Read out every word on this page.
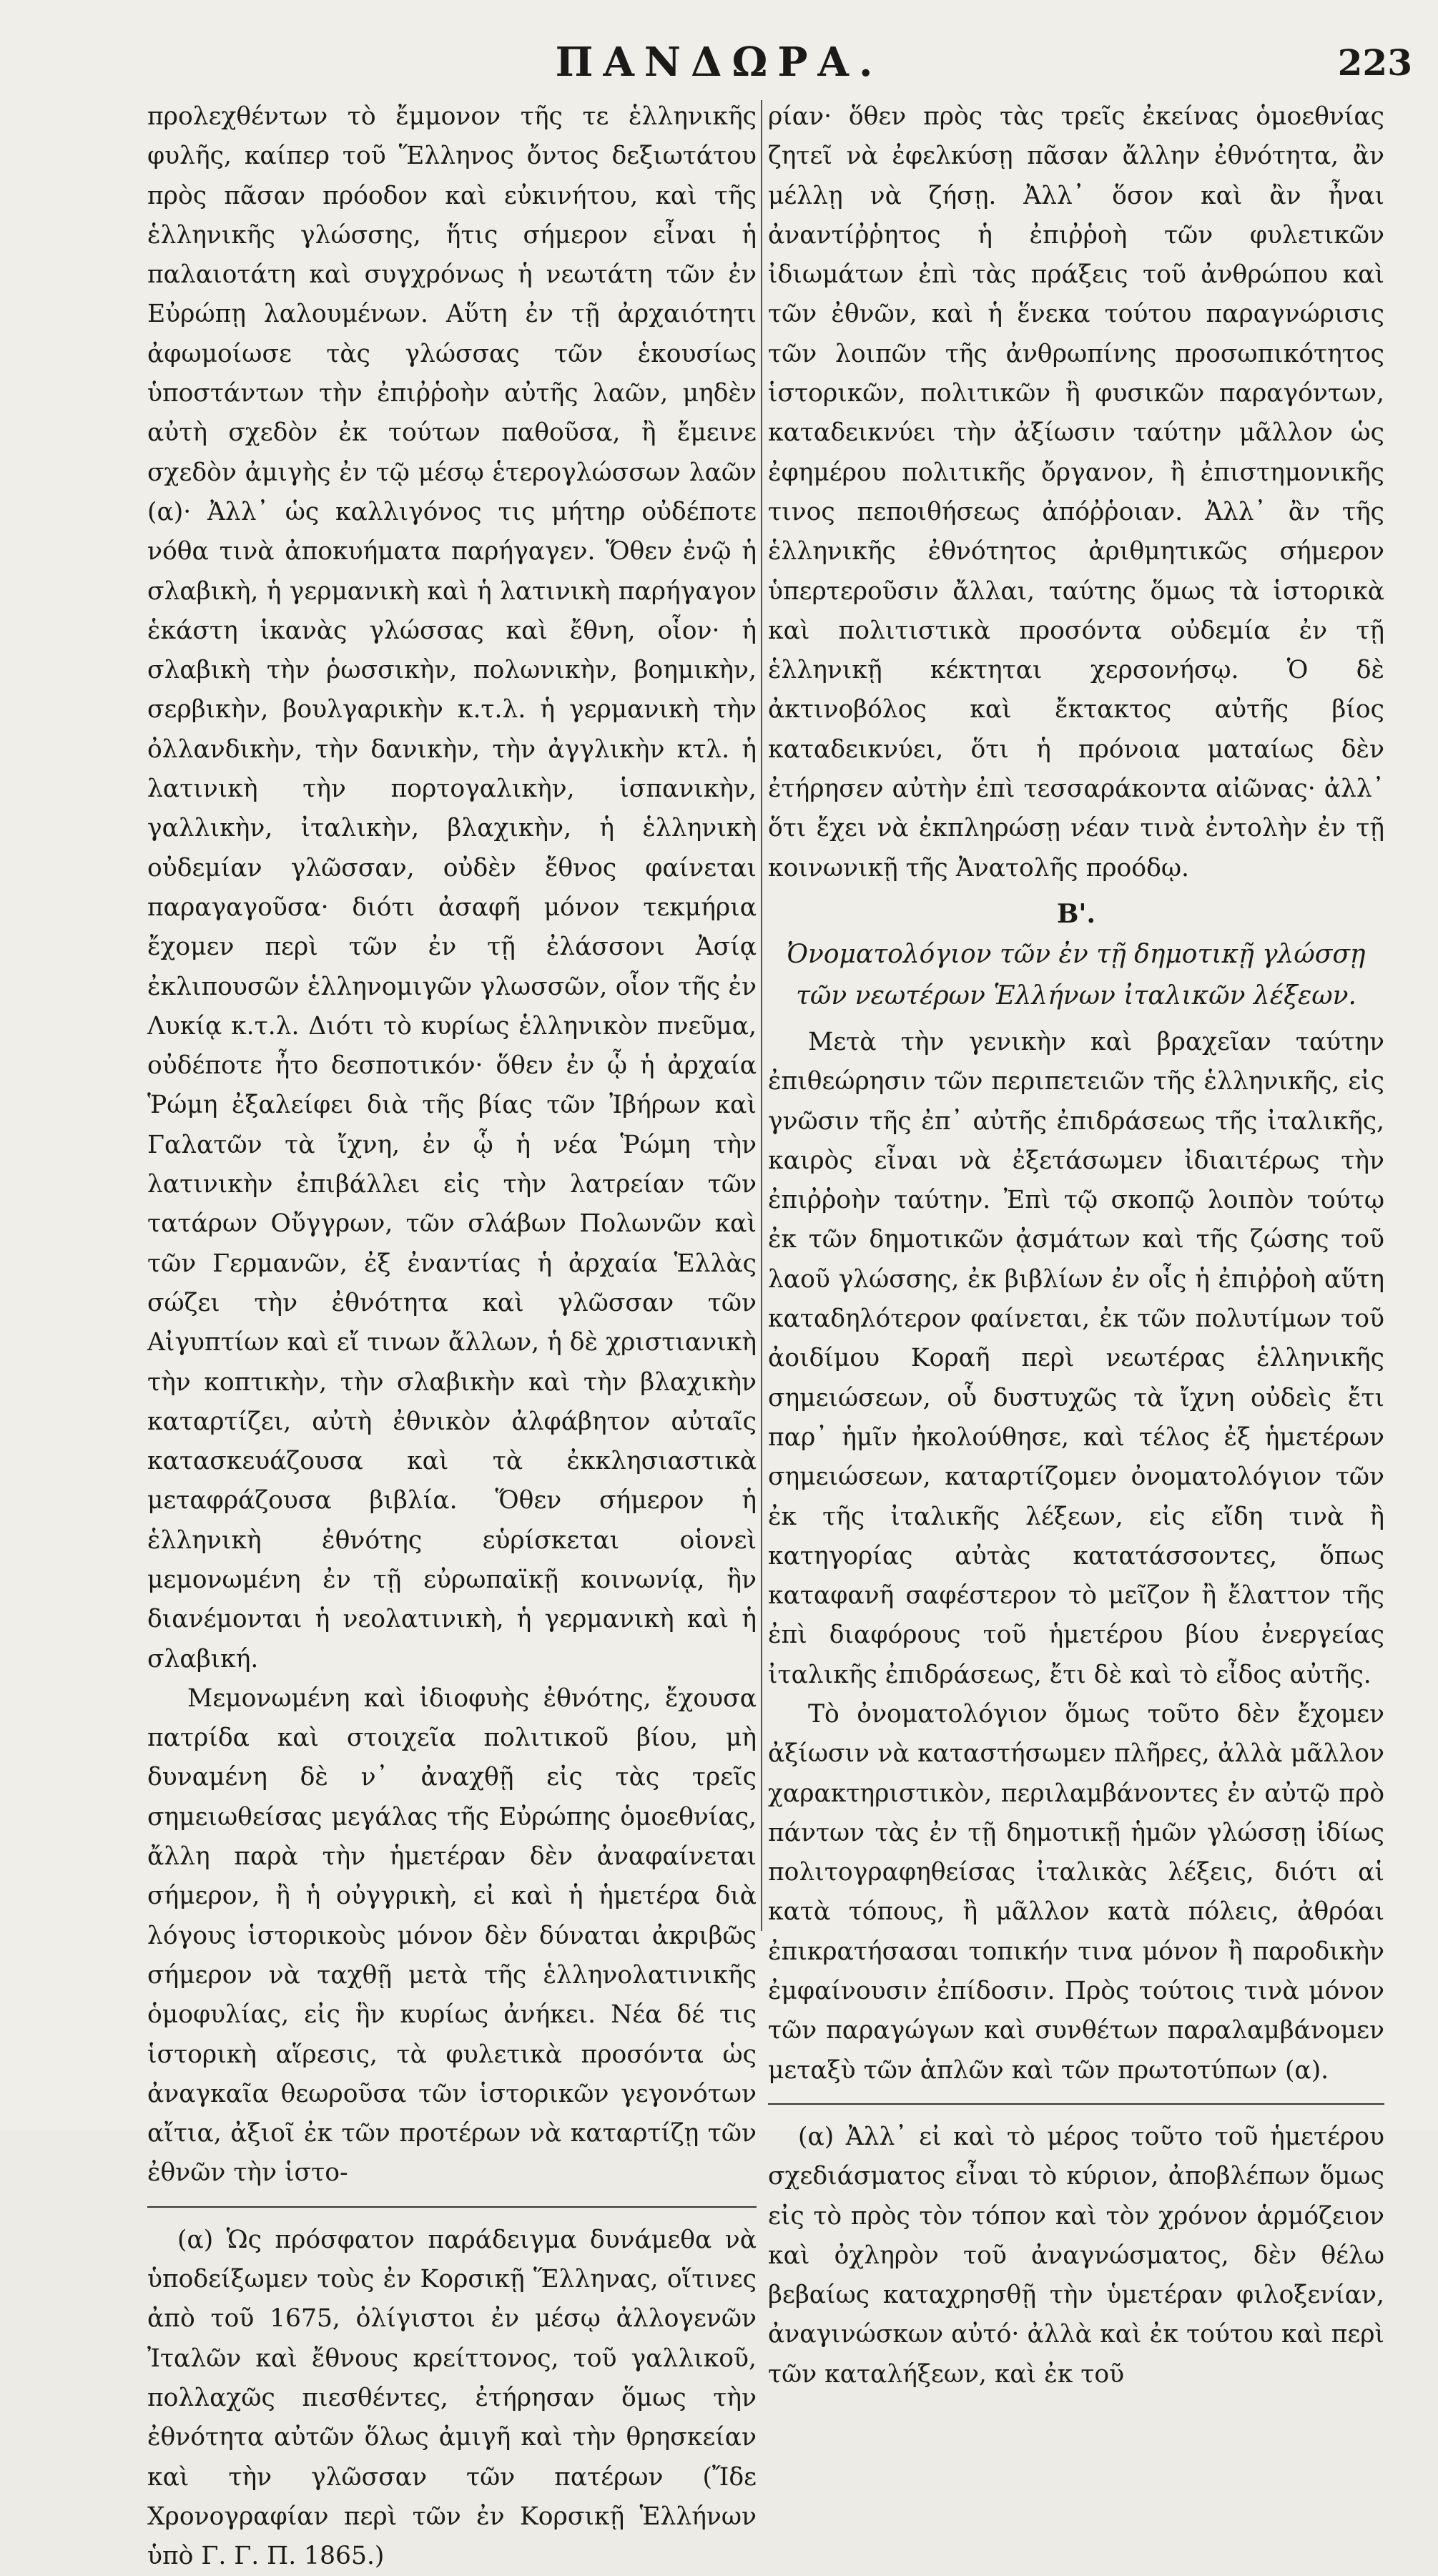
ΠΑΝΔΩΡΑ.	223

προλεχθέντων τὸ ἔμμονον τῆς τε ἑλληνικῆς φυλῆς, καίπερ τοῦ Ἕλληνος ὄντος δεξιωτάτου πρὸς πᾶσαν πρόοδον καὶ εὐκινήτου, καὶ τῆς ἑλληνικῆς γλώσσης, ἥτις σήμερον εἶναι ἡ παλαιοτάτη καὶ συγχρόνως ἡ νεωτάτη τῶν ἐν Εὐρώπῃ λαλουμένων. Αὕτη ἐν τῇ ἀρχαιότητι ἀφωμοίωσε τὰς γλώσσας τῶν ἑκουσίως ὑποστάντων τὴν ἐπιῤῥοὴν αὐτῆς λαῶν, μηδὲν αὐτὴ σχεδὸν ἐκ τούτων παθοῦσα, ἢ ἔμεινε σχεδὸν ἀμιγὴς ἐν τῷ μέσῳ ἑτερογλώσσων λαῶν (α)· Ἀλλ᾽ ὡς καλλιγόνος τις μήτηρ οὐδέποτε νόθα τινὰ ἀποκυήματα παρήγαγεν. Ὅθεν ἐνῷ ἡ σλαβικὴ, ἡ γερμανικὴ καὶ ἡ λατινικὴ παρήγαγον ἑκάστη ἱκανὰς γλώσσας καὶ ἔθνη, οἷον· ἡ σλαβικὴ τὴν ῥωσσικὴν, πολωνικὴν, βοημικὴν, σερβικὴν, βουλγαρικὴν κ.τ.λ. ἡ γερμανικὴ τὴν ὀλλανδικὴν, τὴν δανικὴν, τὴν ἀγγλικὴν κτλ. ἡ λατινικὴ τὴν πορτογαλικὴν, ἱσπανικὴν, γαλλικὴν, ἰταλικὴν, βλαχικὴν, ἡ ἑλληνικὴ οὐδεμίαν γλῶσσαν, οὐδὲν ἔθνος φαίνεται παραγαγοῦσα· διότι ἀσαφῆ μόνον τεκμήρια ἔχομεν περὶ τῶν ἐν τῇ ἐλάσσονι Ἀσίᾳ ἐκλιπουσῶν ἑλληνομιγῶν γλωσσῶν, οἷον τῆς ἐν Λυκίᾳ κ.τ.λ. Διότι τὸ κυρίως ἑλληνικὸν πνεῦμα, οὐδέποτε ἦτο δεσποτικόν· ὅθεν ἐν ᾧ ἡ ἀρχαία Ῥώμη ἐξαλείφει διὰ τῆς βίας τῶν Ἰβήρων καὶ Γαλατῶν τὰ ἴχνη, ἐν ᾧ ἡ νέα Ῥώμη τὴν λατινικὴν ἐπιβάλλει εἰς τὴν λατρείαν τῶν τατάρων Οὔγγρων, τῶν σλάβων Πολωνῶν καὶ τῶν Γερμανῶν, ἐξ ἐναντίας ἡ ἀρχαία Ἑλλὰς σώζει τὴν ἐθνότητα καὶ γλῶσσαν τῶν Αἰγυπτίων καὶ εἴ τινων ἄλλων, ἡ δὲ χριστιανικὴ τὴν κοπτικὴν, τὴν σλαβικὴν καὶ τὴν βλαχικὴν καταρτίζει, αὐτὴ ἐθνικὸν ἀλφάβητον αὐταῖς κατασκευάζουσα καὶ τὰ ἐκκλησιαστικὰ μεταφράζουσα βιβλία. Ὅθεν σήμερον ἡ ἑλληνικὴ ἐθνότης εὑρίσκεται οἱονεὶ μεμονωμένη ἐν τῇ εὐρωπαϊκῇ κοινωνίᾳ, ἣν διανέμονται ἡ νεολατινικὴ, ἡ γερμανικὴ καὶ ἡ σλαβική.

Μεμονωμένη καὶ ἰδιοφυὴς ἐθνότης, ἔχουσα πατρίδα καὶ στοιχεῖα πολιτικοῦ βίου, μὴ δυναμένη δὲ ν᾽ ἀναχθῇ εἰς τὰς τρεῖς σημειωθείσας μεγάλας τῆς Εὐρώπης ὁμοεθνίας, ἄλλη παρὰ τὴν ἡμετέραν δὲν ἀναφαίνεται σήμερον, ἢ ἡ οὐγγρικὴ, εἰ καὶ ἡ ἡμετέρα διὰ λόγους ἱστορικοὺς μόνον δὲν δύναται ἀκριβῶς σήμερον νὰ ταχθῇ μετὰ τῆς ἑλληνολατινικῆς ὁμοφυλίας, εἰς ἣν κυρίως ἀνήκει. Νέα δέ τις ἱστορικὴ αἵρεσις, τὰ φυλετικὰ προσόντα ὡς ἀναγκαῖα θεωροῦσα τῶν ἱστορικῶν γεγονότων αἴτια, ἀξιοῖ ἐκ τῶν προτέρων νὰ καταρτίζῃ τῶν ἐθνῶν τὴν ἱστο-

(α) Ὡς πρόσφατον παράδειγμα δυνάμεθα νὰ ὑποδείξωμεν τοὺς ἐν Κορσικῇ Ἕλληνας, οἵτινες ἀπὸ τοῦ 1675, ὀλίγιστοι ἐν μέσῳ ἀλλογενῶν Ἰταλῶν καὶ ἔθνους κρείττονος, τοῦ γαλλικοῦ, πολλαχῶς πιεσθέντες, ἐτήρησαν ὅμως τὴν ἐθνότητα αὐτῶν ὅλως ἀμιγῆ καὶ τὴν θρησκείαν καὶ τὴν γλῶσσαν τῶν πατέρων (Ἴδε Χρονογραφίαν περὶ τῶν ἐν Κορσικῇ Ἑλλήνων ὑπὸ Γ. Γ. Π. 1865.)

ρίαν· ὅθεν πρὸς τὰς τρεῖς ἐκείνας ὁμοεθνίας ζητεῖ νὰ ἐφελκύσῃ πᾶσαν ἄλλην ἐθνότητα, ἂν μέλλῃ νὰ ζήσῃ. Ἀλλ᾽ ὅσον καὶ ἂν ἦναι ἀναντίῤῥητος ἡ ἐπιῤῥοὴ τῶν φυλετικῶν ἰδιωμάτων ἐπὶ τὰς πράξεις τοῦ ἀνθρώπου καὶ τῶν ἐθνῶν, καὶ ἡ ἕνεκα τούτου παραγνώρισις τῶν λοιπῶν τῆς ἀνθρωπίνης προσωπικότητος ἱστορικῶν, πολιτικῶν ἢ φυσικῶν παραγόντων, καταδεικνύει τὴν ἀξίωσιν ταύτην μᾶλλον ὡς ἐφημέρου πολιτικῆς ὄργανον, ἢ ἐπιστημονικῆς τινος πεποιθήσεως ἀπόῤῥοιαν. Ἀλλ᾽ ἂν τῆς ἑλληνικῆς ἐθνότητος ἀριθμητικῶς σήμερον ὑπερτεροῦσιν ἄλλαι, ταύτης ὅμως τὰ ἱστορικὰ καὶ πολιτιστικὰ προσόντα οὐδεμία ἐν τῇ ἑλληνικῇ κέκτηται χερσονήσῳ. Ὁ δὲ ἀκτινοβόλος καὶ ἔκτακτος αὐτῆς βίος καταδεικνύει, ὅτι ἡ πρόνοια ματαίως δὲν ἐτήρησεν αὐτὴν ἐπὶ τεσσαράκοντα αἰῶνας· ἀλλ᾽ ὅτι ἔχει νὰ ἐκπληρώσῃ νέαν τινὰ ἐντολὴν ἐν τῇ κοινωνικῇ τῆς Ἀνατολῆς προόδῳ.

Β'.
Ὀνοματολόγιον τῶν ἐν τῇ δημοτικῇ γλώσσῃ τῶν νεωτέρων Ἑλλήνων ἰταλικῶν λέξεων.

Μετὰ τὴν γενικὴν καὶ βραχεῖαν ταύτην ἐπιθεώρησιν τῶν περιπετειῶν τῆς ἑλληνικῆς, εἰς γνῶσιν τῆς ἐπ᾽ αὐτῆς ἐπιδράσεως τῆς ἰταλικῆς, καιρὸς εἶναι νὰ ἐξετάσωμεν ἰδιαιτέρως τὴν ἐπιῤῥοὴν ταύτην. Ἐπὶ τῷ σκοπῷ λοιπὸν τούτῳ ἐκ τῶν δημοτικῶν ᾀσμάτων καὶ τῆς ζώσης τοῦ λαοῦ γλώσσης, ἐκ βιβλίων ἐν οἷς ἡ ἐπιῤῥοὴ αὕτη καταδηλότερον φαίνεται, ἐκ τῶν πολυτίμων τοῦ ἀοιδίμου Κοραῆ περὶ νεωτέρας ἑλληνικῆς σημειώσεων, οὗ δυστυχῶς τὰ ἴχνη οὐδεὶς ἔτι παρ᾽ ἡμῖν ἠκολούθησε, καὶ τέλος ἐξ ἡμετέρων σημειώσεων, καταρτίζομεν ὀνοματολόγιον τῶν ἐκ τῆς ἰταλικῆς λέξεων, εἰς εἴδη τινὰ ἢ κατηγορίας αὐτὰς κατατάσσοντες, ὅπως καταφανῆ σαφέστερον τὸ μεῖζον ἢ ἔλαττον τῆς ἐπὶ διαφόρους τοῦ ἡμετέρου βίου ἐνεργείας ἰταλικῆς ἐπιδράσεως, ἔτι δὲ καὶ τὸ εἶδος αὐτῆς.

Τὸ ὀνοματολόγιον ὅμως τοῦτο δὲν ἔχομεν ἀξίωσιν νὰ καταστήσωμεν πλῆρες, ἀλλὰ μᾶλλον χαρακτηριστικὸν, περιλαμβάνοντες ἐν αὐτῷ πρὸ πάντων τὰς ἐν τῇ δημοτικῇ ἡμῶν γλώσσῃ ἰδίως πολιτογραφηθείσας ἰταλικὰς λέξεις, διότι αἱ κατὰ τόπους, ἢ μᾶλλον κατὰ πόλεις, ἀθρόαι ἐπικρατήσασαι τοπικήν τινα μόνον ἢ παροδικὴν ἐμφαίνουσιν ἐπίδοσιν. Πρὸς τούτοις τινὰ μόνον τῶν παραγώγων καὶ συνθέτων παραλαμβάνομεν μεταξὺ τῶν ἁπλῶν καὶ τῶν πρωτοτύπων (α).

(α) Ἀλλ᾽ εἰ καὶ τὸ μέρος τοῦτο τοῦ ἡμετέρου σχεδιάσματος εἶναι τὸ κύριον, ἀποβλέπων ὅμως εἰς τὸ πρὸς τὸν τόπον καὶ τὸν χρόνον ἁρμόζειον καὶ ὀχληρὸν τοῦ ἀναγνώσματος, δὲν θέλω βεβαίως καταχρησθῇ τὴν ὑμετέραν φιλοξενίαν, ἀναγινώσκων αὐτό· ἀλλὰ καὶ ἐκ τούτου καὶ περὶ τῶν καταλήξεων, καὶ ἐκ τοῦ
